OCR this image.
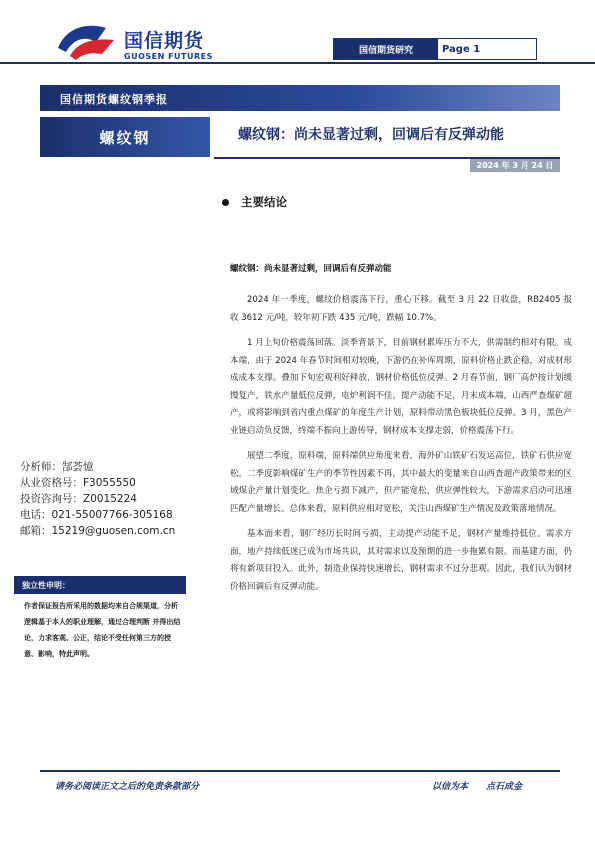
国信期货
GUOSEN FUTURES
国信期货研究	Page 1
国信期货螺纹钢季报
螺纹钢	螺纹钢：尚未显著过剩，回调后有反弹动能
2024 年 3 月 24 日
主要结论
螺纹钢：尚未显著过剩，回调后有反弹动能

2024 年一季度，螺纹价格震荡下行，重心下移。截至 3 月 22 日收盘，RB2405 报收 3612 元/吨，较年初下跌 435 元/吨，跌幅 10.7%。

1 月上旬价格震荡回落。淡季背景下，目前钢材累库压力不大，供需制约相对有限。成本端，由于 2024 年春节时间相对较晚，下游仍在补库周期，原料价格止跌企稳，对成材形成成本支撑。叠加下旬宏观利好释放，钢材价格低位反弹。2 月春节前，钢厂高炉按计划缓慢复产，铁水产量低位反弹，电炉利润不佳，提产动能不足，月末成本端，山西严查煤矿超产，或将影响到省内重点煤矿的年度生产计划，原料带动黑色板块低位反弹。3 月，黑色产业链启动负反馈，终端不振向上游传导，钢材成本支撑走弱，价格震荡下行。

展望二季度，原料端，原料端供应角度来看，海外矿山铁矿石发运高位，铁矿石供应宽松。二季度影响煤矿生产的季节性因素不再，其中最大的变量来自山西查超产政策带来的区域煤企产量计划变化。焦企亏损下减产，但产能宽松，供应弹性较大，下游需求启动可迅速匹配产量增长。总体来看，原料供应相对宽松，关注山西煤矿生产情况及政策落地情况。

基本面来看，钢厂经历长时间亏损，主动提产动能不足，钢材产量维持低位。需求方面，地产持续低迷已成为市场共识，其对需求以及预期的进一步拖累有限。而基建方面，仍将有新项目投入。此外，制造业保持快速增长，钢材需求不过分悲观。因此，我们认为钢材价格回调后有反弹动能。

分析师：郜荟憶
从业资格号：F3055550
投资咨询号：Z0015224
电话：021-55007766-305168
邮箱：15219@guosen.com.cn
独立性申明：
作者保证报告所采用的数据均来自合规渠道，分析逻辑基于本人的职业理解，通过合理判断 并得出结论，力求客观、公正，结论不受任何第三方的授意、影响，特此声明。
请务必阅读正文之后的免责条款部分	以信为本 点石成金
